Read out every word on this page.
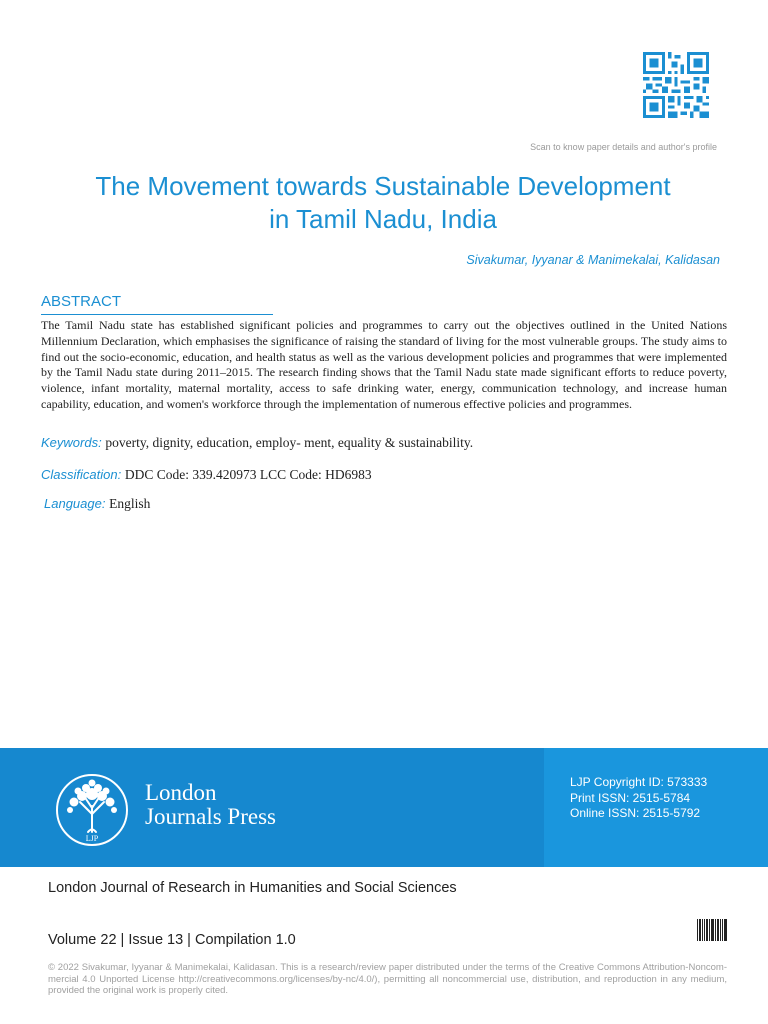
Scan to know paper details and author's profile

The Movement towards Sustainable Development
in Tamil Nadu, India

Sivakumar, Iyyanar & Manimekalai, Kalidasan

ABSTRACT

The Tamil Nadu state has established significant policies and programmes to carry out the objectives outlined in the United Nations Millennium Declaration, which emphasises the significance of raising the standard of living for the most vulnerable groups. The study aims to find out the socio-economic, education, and health status as well as the various development policies and programmes that were implemented by the Tamil Nadu state during 2011–2015. The research finding shows that the Tamil Nadu state made significant efforts to reduce poverty, violence, infant mortality, maternal mortality, access to safe drinking water, energy, communication technology, and increase human capability, education, and women's workforce through the implementation of numerous effective policies and programmes.

Keywords: poverty, dignity, education, employ- ment, equality & sustainability.

Classification: DDC Code: 339.420973 LCC Code: HD6983

Language: English

LJP

London
Journals Press

LJP Copyright ID: 573333
Print ISSN: 2515-5784
Online ISSN: 2515-5792

London Journal of Research in Humanities and Social Sciences

Volume 22 | Issue 13 | Compilation 1.0

© 2022 Sivakumar, Iyyanar & Manimekalai, Kalidasan. This is a research/review paper distributed under the terms of the Creative Commons Attribution-Noncom-mercial 4.0 Unported License http://creativecommons.org/licenses/by-nc/4.0/), permitting all noncommercial use, distribution, and reproduction in any medium, provided the original work is properly cited.
